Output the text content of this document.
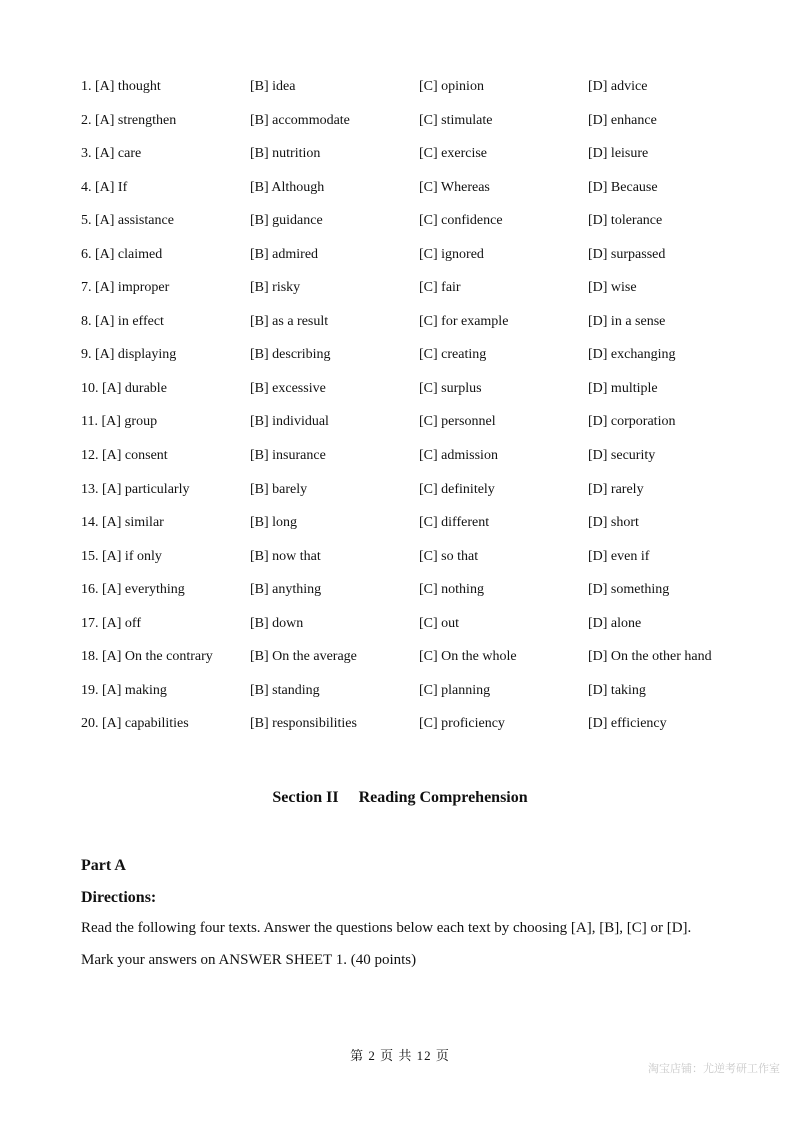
1. [A] thought	[B] idea	[C] opinion	[D] advice
2. [A] strengthen	[B] accommodate	[C] stimulate	[D] enhance
3. [A] care	[B] nutrition	[C] exercise	[D] leisure
4. [A] If	[B] Although	[C] Whereas	[D] Because
5. [A] assistance	[B] guidance	[C] confidence	[D] tolerance
6. [A] claimed	[B] admired	[C] ignored	[D] surpassed
7. [A] improper	[B] risky	[C] fair	[D] wise
8. [A] in effect	[B] as a result	[C] for example	[D] in a sense
9. [A] displaying	[B] describing	[C] creating	[D] exchanging
10. [A] durable	[B] excessive	[C] surplus	[D] multiple
11. [A] group	[B] individual	[C] personnel	[D] corporation
12. [A] consent	[B] insurance	[C] admission	[D] security
13. [A] particularly	[B] barely	[C] definitely	[D] rarely
14. [A] similar	[B] long	[C] different	[D] short
15. [A] if only	[B] now that	[C] so that	[D] even if
16. [A] everything	[B] anything	[C] nothing	[D] something
17. [A] off	[B] down	[C] out	[D] alone
18. [A] On the contrary	[B] On the average	[C] On the whole	[D] On the other hand
19. [A] making	[B] standing	[C] planning	[D] taking
20. [A] capabilities	[B] responsibilities	[C] proficiency	[D] efficiency
Section II  Reading Comprehension
Part A
Directions:
Read the following four texts. Answer the questions below each text by choosing [A], [B], [C] or [D].
Mark your answers on ANSWER SHEET 1. (40 points)
第 2 页 共 12 页
淘宝店铺：尤逆考研工作室
